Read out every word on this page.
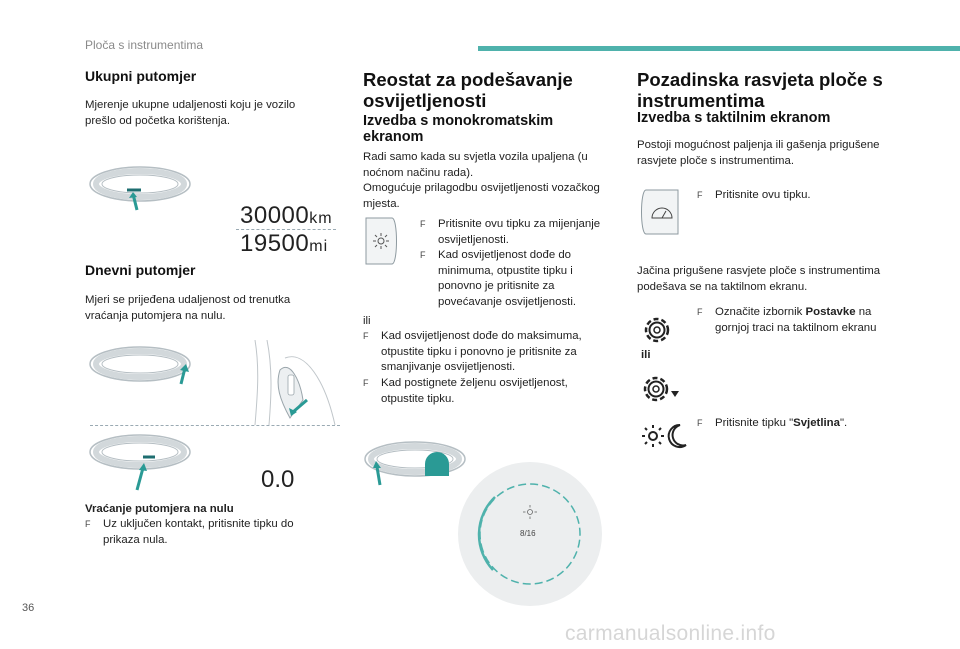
Ploča s instrumentima
Ukupni putomjer
Mjerenje ukupne udaljenosti koju je vozilo prešlo od početka korištenja.
30000km
19500mi
Dnevni putomjer
Mjeri se prijeđena udaljenost od trenutka vraćanja putomjera na nulu.
0.0
Vraćanje putomjera na nulu
F	Uz uključen kontakt, pritisnite tipku do prikaza nula.
Reostat za podešavanje osvijetljenosti
Izvedba s monokromatskim ekranom
Radi samo kada su svjetla vozila upaljena (u noćnom načinu rada).
Omogućuje prilagodbu osvijetljenosti vozačkog mjesta.
F	Pritisnite ovu tipku za mijenjanje osvijetljenosti.
F	Kad osvijetljenost dođe do minimuma, otpustite tipku i ponovno je pritisnite za povećavanje osvijetljenosti.
ili
F	Kad osvijetljenost dođe do maksimuma, otpustite tipku i ponovno je pritisnite za smanjivanje osvijetljenosti.
F	Kad postignete željenu osvijetljenost, otpustite tipku.
8/16
Pozadinska rasvjeta ploče s instrumentima
Izvedba s taktilnim ekranom
Postoji mogućnost paljenja ili gašenja prigušene rasvjete ploče s instrumentima.
F	Pritisnite ovu tipku.
Jačina prigušene rasvjete ploče s instrumentima podešava se na taktilnom ekranu.
F	Označite izbornik Postavke na gornjoj traci na taktilnom ekranu
ili
F	Pritisnite tipku "Svjetlina".
36
carmanualsonline.info
